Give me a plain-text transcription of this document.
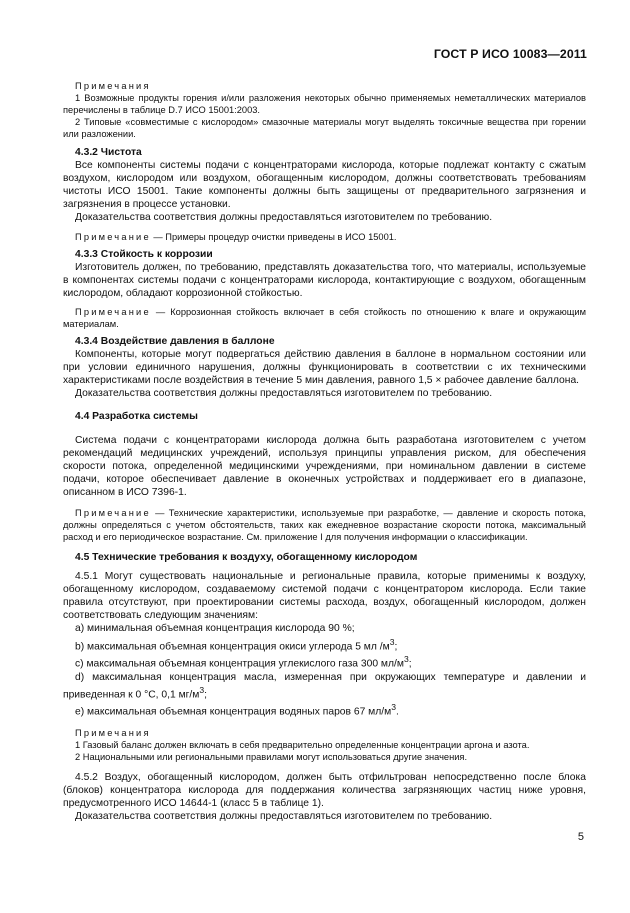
ГОСТ Р ИСО 10083—2011

Примечания

1 Возможные продукты горения и/или разложения некоторых обычно применяемых неметаллических материалов перечислены в таблице D.7 ИСО 15001:2003.

2 Типовые «совместимые с кислородом» смазочные материалы могут выделять токсичные вещества при горении или разложении.

4.3.2 Чистота

Все компоненты системы подачи с концентраторами кислорода, которые подлежат контакту с сжатым воздухом, кислородом или воздухом, обогащенным кислородом, должны соответствовать требованиям чистоты ИСО 15001. Такие компоненты должны быть защищены от предварительного загрязнения и загрязнения в процессе установки.

Доказательства соответствия должны предоставляться изготовителем по требованию.

Примечание — Примеры процедур очистки приведены в ИСО 15001.

4.3.3 Стойкость к коррозии

Изготовитель должен, по требованию, представлять доказательства того, что материалы, используемые в компонентах системы подачи с концентраторами кислорода, контактирующие с воздухом, обогащенным кислородом, обладают коррозионной стойкостью.

Примечание — Коррозионная стойкость включает в себя стойкость по отношению к влаге и окружающим материалам.

4.3.4 Воздействие давления в баллоне

Компоненты, которые могут подвергаться действию давления в баллоне в нормальном состоянии или при условии единичного нарушения, должны функционировать в соответствии с их техническими характеристиками после воздействия в течение 5 мин давления, равного 1,5 × рабочее давление баллона.

Доказательства соответствия должны предоставляться изготовителем по требованию.

4.4 Разработка системы

Система подачи с концентраторами кислорода должна быть разработана изготовителем с учетом рекомендаций медицинских учреждений, используя принципы управления риском, для обеспечения скорости потока, определенной медицинскими учреждениями, при номинальном давлении в системе подачи, которое обеспечивает давление в оконечных устройствах и поддерживает его в диапазоне, описанном в ИСО 7396-1.

Примечание — Технические характеристики, используемые при разработке, — давление и скорость потока, должны определяться с учетом обстоятельств, таких как ежедневное возрастание скорости потока, максимальный расход и его периодическое возрастание. См. приложение I для получения информации о классификации.

4.5 Технические требования к воздуху, обогащенному кислородом

4.5.1 Могут существовать национальные и региональные правила, которые применимы к воздуху, обогащенному кислородом, создаваемому системой подачи с концентратором кислорода. Если такие правила отсутствуют, при проектировании системы расхода, воздух, обогащенный кислородом, должен соответствовать следующим значениям:

a) минимальная объемная концентрация кислорода 90 %;

b) максимальная объемная концентрация окиси углерода 5 мл $/м^3$;

c) максимальная объемная концентрация углекислого газа 300 $мл/м^3$;

d) максимальная концентрация масла, измеренная при окружающих температуре и давлении и приведенная к 0 °C, 0,1 $мг/м^3$;

e) максимальная объемная концентрация водяных паров 67 $мл/м^3$.

Примечания

1 Газовый баланс должен включать в себя предварительно определенные концентрации аргона и азота.

2 Национальными или региональными правилами могут использоваться другие значения.

4.5.2 Воздух, обогащенный кислородом, должен быть отфильтрован непосредственно после блока (блоков) концентратора кислорода для поддержания количества загрязняющих частиц ниже уровня, предусмотренного ИСО 14644-1 (класс 5 в таблице 1).

Доказательства соответствия должны предоставляться изготовителем по требованию.

5
